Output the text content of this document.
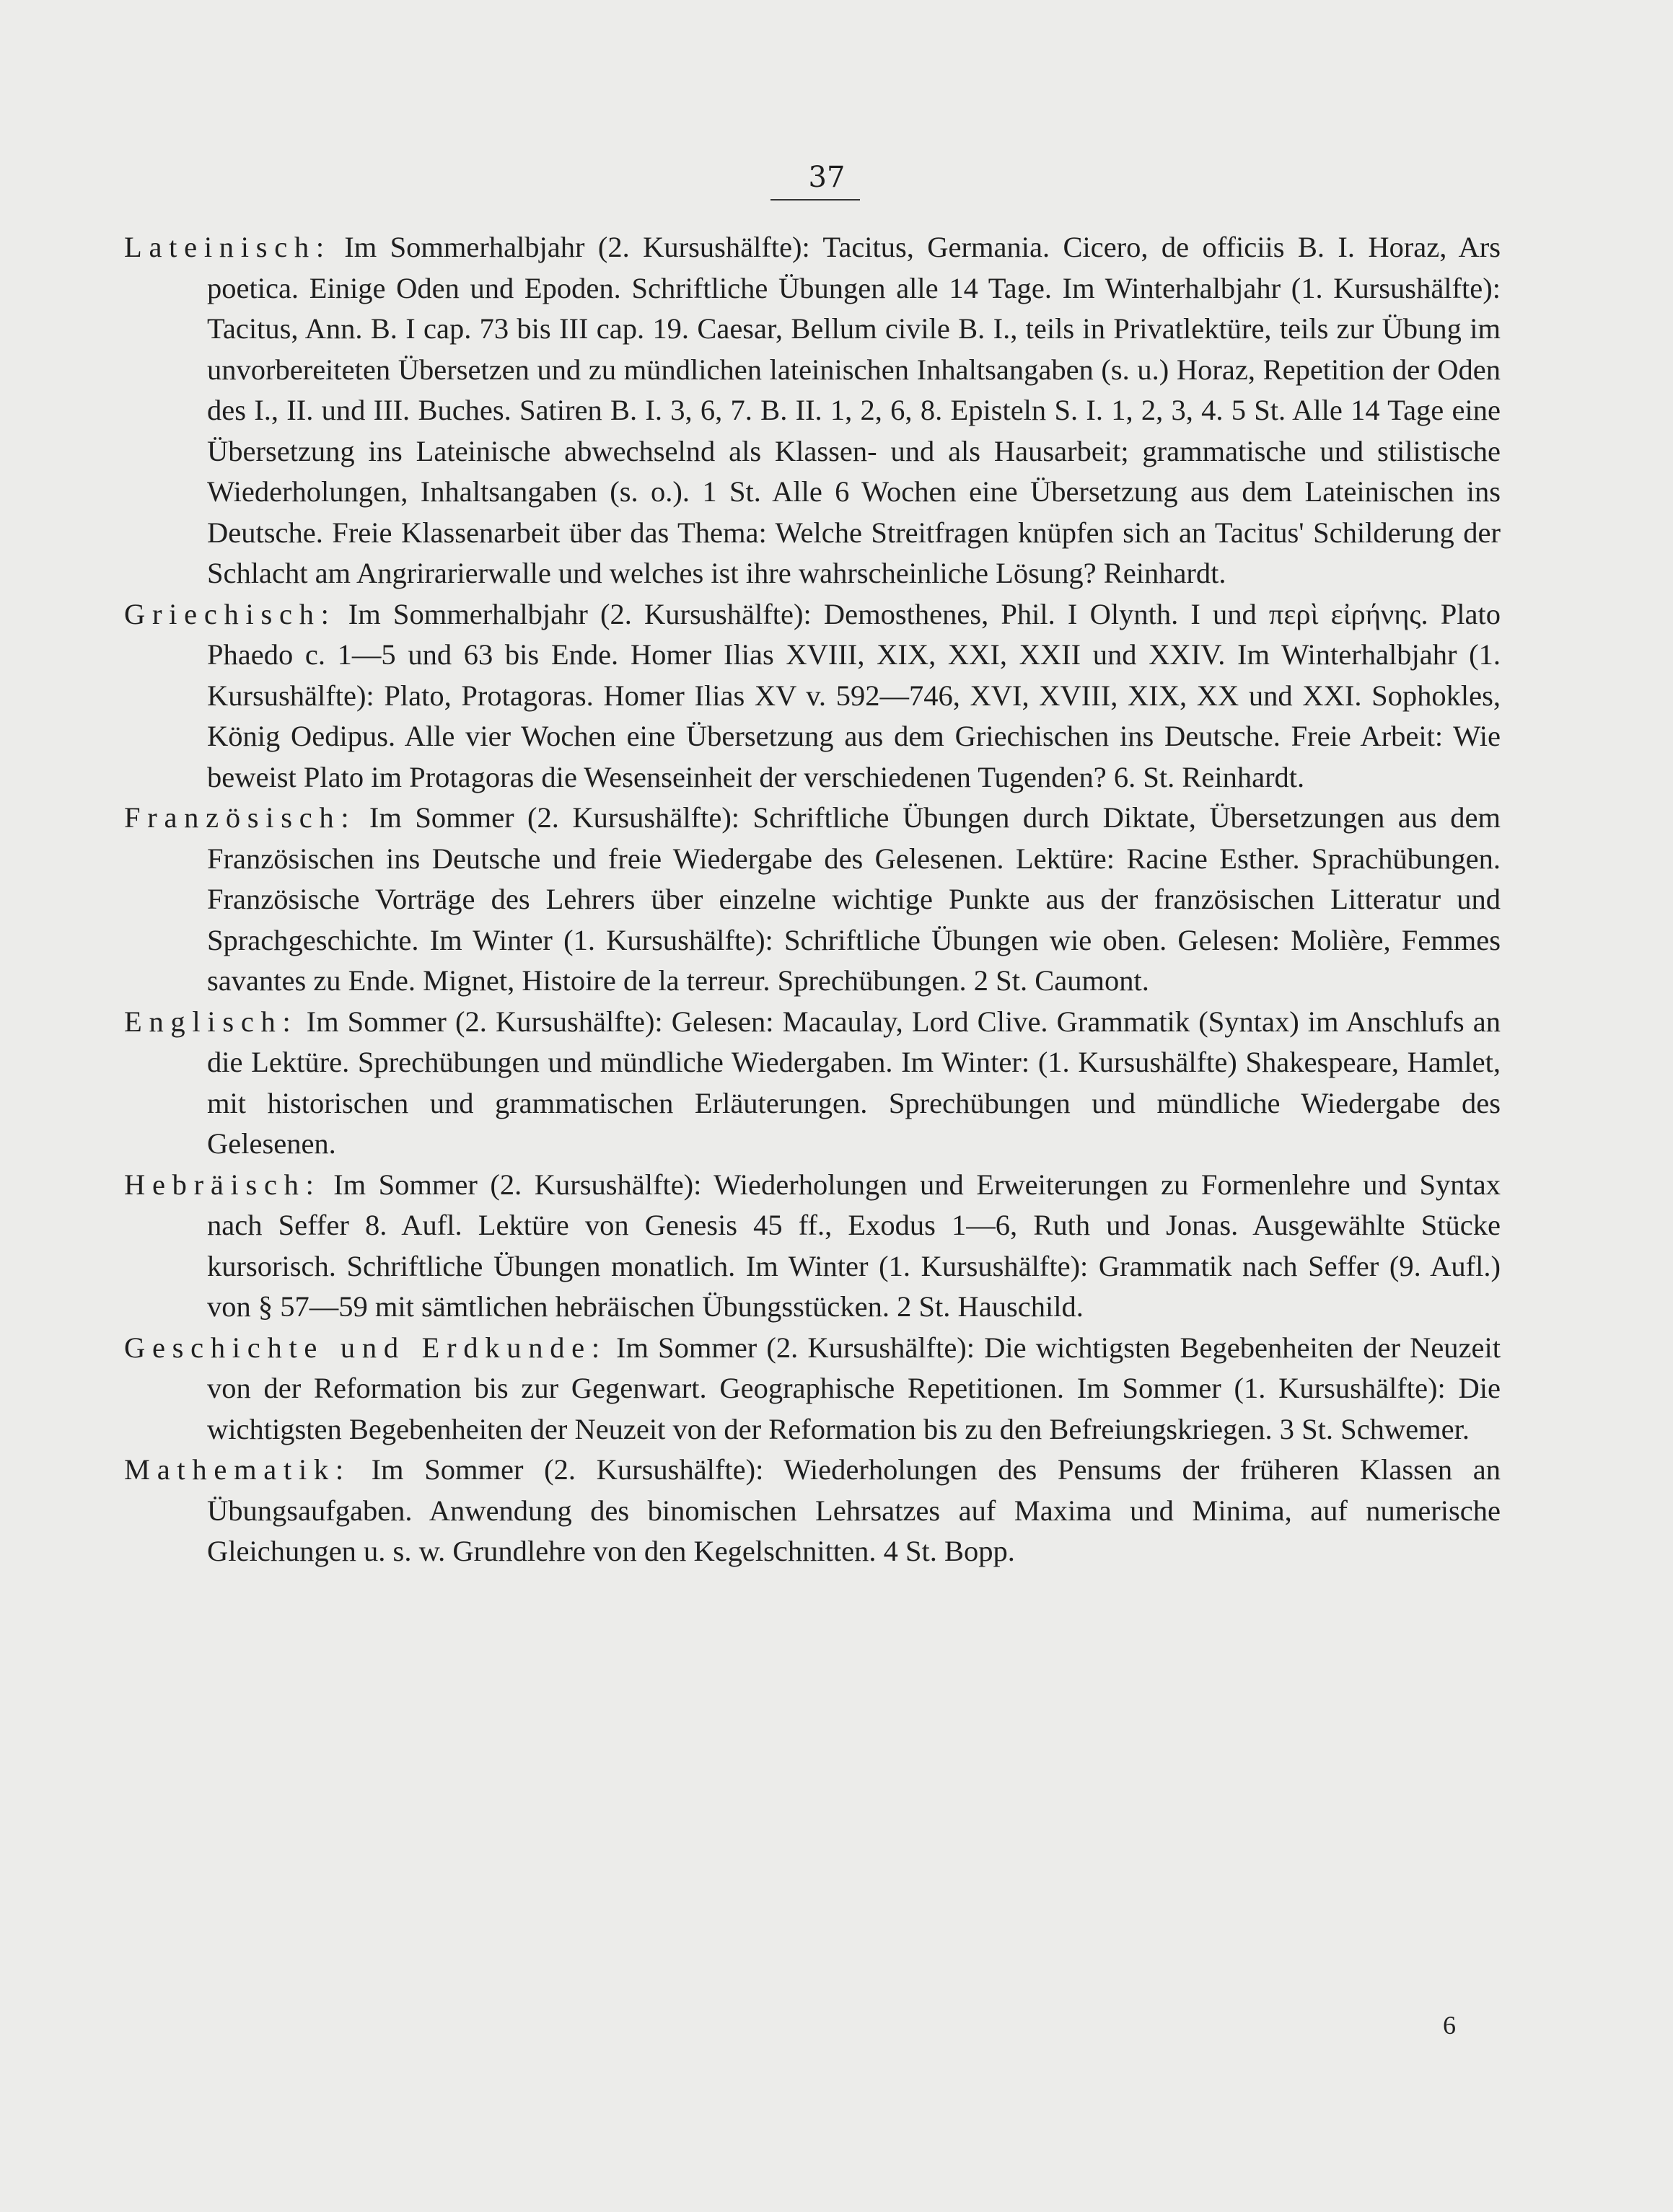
37

Lateinisch: Im Sommerhalbjahr (2. Kursushälfte): Tacitus, Germania. Cicero, de officiis B. I. Horaz, Ars poetica. Einige Oden und Epoden. Schriftliche Übungen alle 14 Tage. Im Winterhalbjahr (1. Kursushälfte): Tacitus, Ann. B. I cap. 73 bis III cap. 19. Caesar, Bellum civile B. I., teils in Privatlektüre, teils zur Übung im unvorbereiteten Übersetzen und zu mündlichen lateinischen Inhaltsangaben (s. u.) Horaz, Repetition der Oden des I., II. und III. Buches. Satiren B. I. 3, 6, 7. B. II. 1, 2, 6, 8. Episteln S. I. 1, 2, 3, 4. 5 St. Alle 14 Tage eine Übersetzung ins Lateinische abwechselnd als Klassen- und als Hausarbeit; grammatische und stilistische Wiederholungen, Inhaltsangaben (s. o.). 1 St. Alle 6 Wochen eine Übersetzung aus dem Lateinischen ins Deutsche. Freie Klassenarbeit über das Thema: Welche Streitfragen knüpfen sich an Tacitus' Schilderung der Schlacht am Angrirarierwalle und welches ist ihre wahrscheinliche Lösung? Reinhardt.

Griechisch: Im Sommerhalbjahr (2. Kursushälfte): Demosthenes, Phil. I Olynth. I und περὶ εἰρήνης. Plato Phaedo c. 1—5 und 63 bis Ende. Homer Ilias XVIII, XIX, XXI, XXII und XXIV. Im Winterhalbjahr (1. Kursushälfte): Plato, Protagoras. Homer Ilias XV v. 592—746, XVI, XVIII, XIX, XX und XXI. Sophokles, König Oedipus. Alle vier Wochen eine Übersetzung aus dem Griechischen ins Deutsche. Freie Arbeit: Wie beweist Plato im Protagoras die Wesenseinheit der verschiedenen Tugenden? 6. St. Reinhardt.

Französisch: Im Sommer (2. Kursushälfte): Schriftliche Übungen durch Diktate, Übersetzungen aus dem Französischen ins Deutsche und freie Wiedergabe des Gelesenen. Lektüre: Racine Esther. Sprachübungen. Französische Vorträge des Lehrers über einzelne wichtige Punkte aus der französischen Litteratur und Sprachgeschichte. Im Winter (1. Kursushälfte): Schriftliche Übungen wie oben. Gelesen: Molière, Femmes savantes zu Ende. Mignet, Histoire de la terreur. Sprechübungen. 2 St. Caumont.

Englisch: Im Sommer (2. Kursushälfte): Gelesen: Macaulay, Lord Clive. Grammatik (Syntax) im Anschlufs an die Lektüre. Sprechübungen und mündliche Wiedergaben. Im Winter: (1. Kursushälfte) Shakespeare, Hamlet, mit historischen und grammatischen Erläuterungen. Sprechübungen und mündliche Wiedergabe des Gelesenen.

Hebräisch: Im Sommer (2. Kursushälfte): Wiederholungen und Erweiterungen zu Formenlehre und Syntax nach Seffer 8. Aufl. Lektüre von Genesis 45 ff., Exodus 1—6, Ruth und Jonas. Ausgewählte Stücke kursorisch. Schriftliche Übungen monatlich. Im Winter (1. Kursushälfte): Grammatik nach Seffer (9. Aufl.) von § 57—59 mit sämtlichen hebräischen Übungsstücken. 2 St. Hauschild.

Geschichte und Erdkunde: Im Sommer (2. Kursushälfte): Die wichtigsten Begebenheiten der Neuzeit von der Reformation bis zur Gegenwart. Geographische Repetitionen. Im Sommer (1. Kursushälfte): Die wichtigsten Begebenheiten der Neuzeit von der Reformation bis zu den Befreiungskriegen. 3 St. Schwemer.

Mathematik: Im Sommer (2. Kursushälfte): Wiederholungen des Pensums der früheren Klassen an Übungsaufgaben. Anwendung des binomischen Lehrsatzes auf Maxima und Minima, auf numerische Gleichungen u. s. w. Grundlehre von den Kegelschnitten. 4 St. Bopp.

6
